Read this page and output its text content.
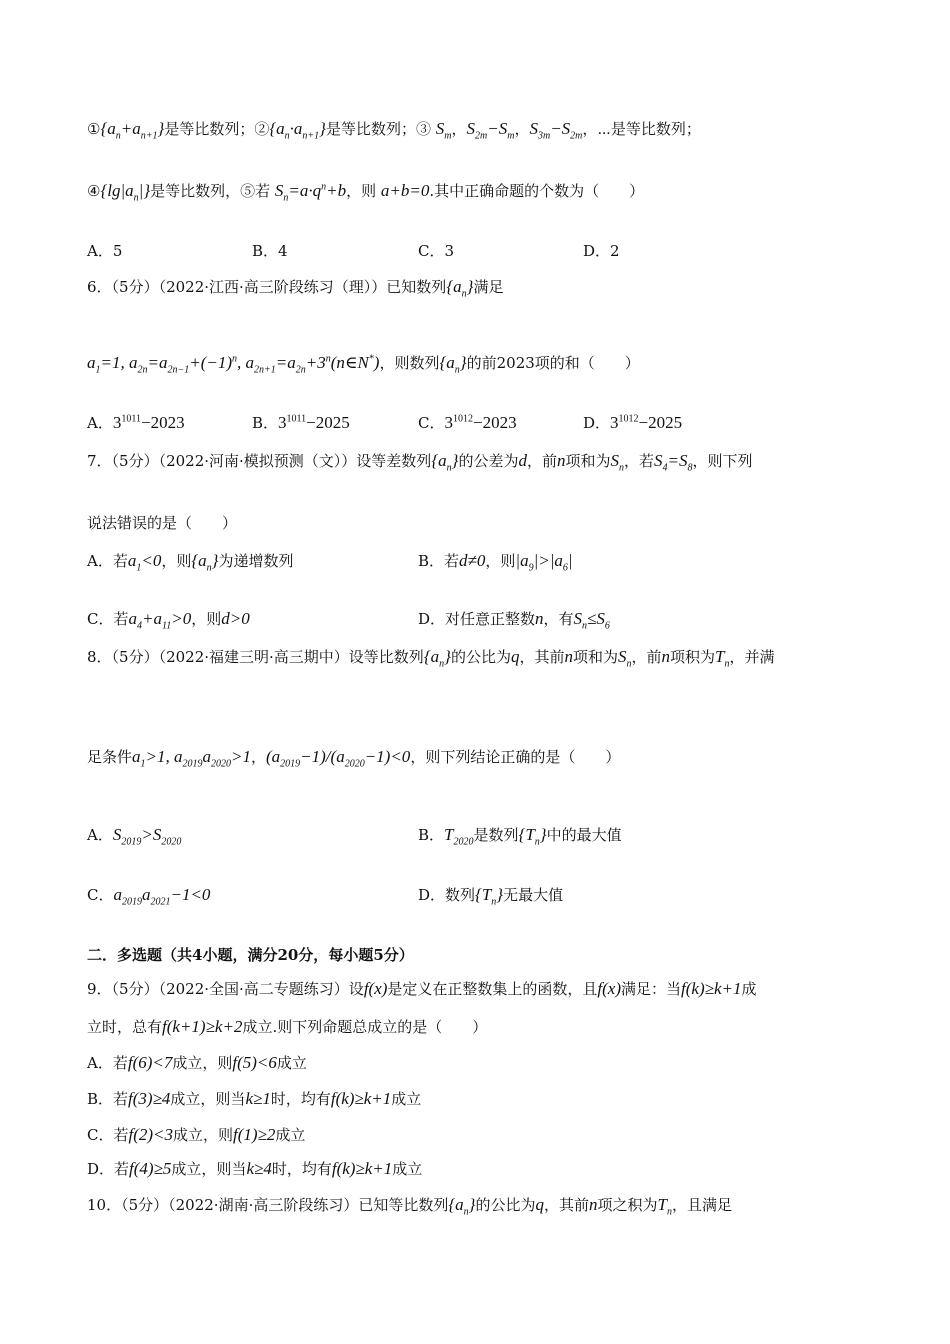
$①\{a_n+a_{n+1}\}$是等比数列；$②\{a_n\cdot a_{n+1}\}$是等比数列；③ $S_m$，$S_{2m}-S_m$，$S_{3m}-S_{2m}$，⋯是等比数列；
$④\{\lg|a_n|\}$是等比数列，⑤若 $S_n=a\cdot q^n+b$，则 a+b=0.其中正确命题的个数为（　　）
A．5	B．4	C．3	D．2
6．（5分）（2022·江西·高三阶段练习（理））已知数列$\{a_n\}$满足
$a_1=1$, $a_{2n}=a_{2n-1}+(-1)^n$, $a_{2n+1}=a_{2n}+3^n(n\in N^*)$，则数列$\{a_n\}$的前2023项的和（　　）
A．$3^{1011}-2023$	B．$3^{1011}-2025$	C．$3^{1012}-2023$	D．$3^{1012}-2025$
7．（5分）（2022·河南·模拟预测（文））设等差数列$\{a_n\}$的公差为d，前n项和为$S_n$，若$S_4=S_8$，则下列
说法错误的是（　　）
A．若$a_1<0$，则$\{a_n\}$为递增数列	B．若d≠0，则$|a_9|>|a_6|$
C．若$a_4+a_{11}>0$，则d>0	D．对任意正整数n，有$S_n\le S_6$
8．（5分）（2022·福建三明·高三期中）设等比数列$\{a_n\}$的公比为q，其前n项和为$S_n$，前n项积为$T_n$，并满
足条件$a_1>1$, $a_{2019}a_{2020}>1$，$(a_{2019}-1)/(a_{2020}-1)<0$，则下列结论正确的是（　　）
A．$S_{2019}>S_{2020}$	B．$T_{2020}$是数列$\{T_n\}$中的最大值
C．$a_{2019}a_{2021}-1<0$	D．数列$\{T_n\}$无最大值
二．多选题（共4小题，满分20分，每小题5分）
9．（5分）（2022·全国·高二专题练习）设f(x)是定义在正整数集上的函数，且f(x)满足：当f(k)≥k+1成
立时，总有f(k+1)≥k+2成立.则下列命题总成立的是（　　）
A．若f(6)<7成立，则f(5)<6成立
B．若f(3)≥4成立，则当k≥1时，均有f(k)≥k+1成立
C．若f(2)<3成立，则f(1)≥2成立
D．若f(4)≥5成立，则当k≥4时，均有f(k)≥k+1成立
10．（5分）（2022·湖南·高三阶段练习）已知等比数列$\{a_n\}$的公比为q，其前n项之积为$T_n$，且满足
